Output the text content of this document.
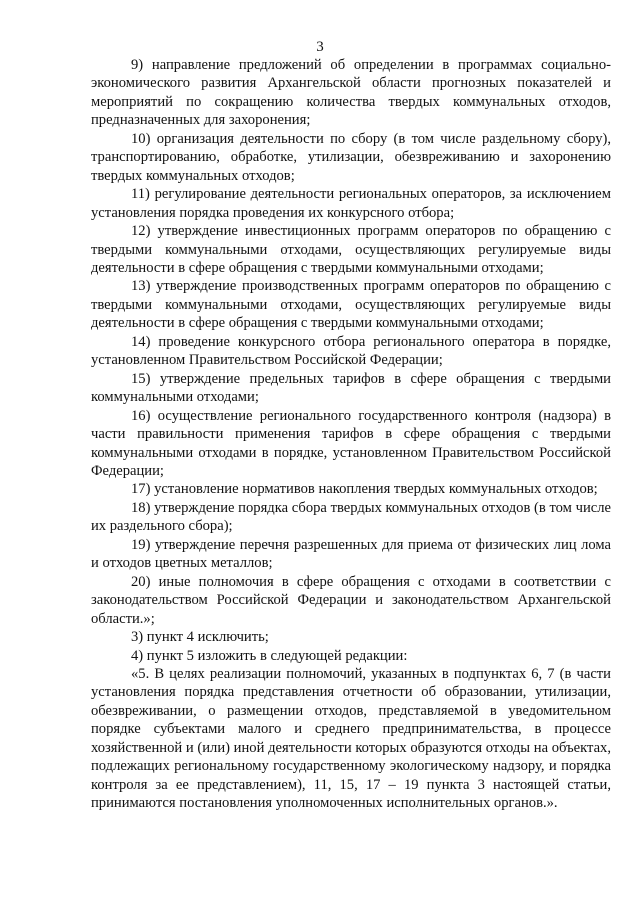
3

9) направление предложений об определении в программах социально-экономического развития Архангельской области прогнозных показателей и мероприятий по сокращению количества твердых коммунальных отходов, предназначенных для захоронения;

10) организация деятельности по сбору (в том числе раздельному сбору), транспортированию, обработке, утилизации, обезвреживанию и захоронению твердых коммунальных отходов;

11) регулирование деятельности региональных операторов, за исключением установления порядка проведения их конкурсного отбора;

12) утверждение инвестиционных программ операторов по обращению с твердыми коммунальными отходами, осуществляющих регулируемые виды деятельности в сфере обращения с твердыми коммунальными отходами;

13) утверждение производственных программ операторов по обращению с твердыми коммунальными отходами, осуществляющих регулируемые виды деятельности в сфере обращения с твердыми коммунальными отходами;

14) проведение конкурсного отбора регионального оператора в порядке, установленном Правительством Российской Федерации;

15) утверждение предельных тарифов в сфере обращения с твердыми коммунальными отходами;

16) осуществление регионального государственного контроля (надзора) в части правильности применения тарифов в сфере обращения с твердыми коммунальными отходами в порядке, установленном Правительством Российской Федерации;

17) установление нормативов накопления твердых коммунальных отходов;

18) утверждение порядка сбора твердых коммунальных отходов (в том числе их раздельного сбора);

19) утверждение перечня разрешенных для приема от физических лиц лома и отходов цветных металлов;

20) иные полномочия в сфере обращения с отходами в соответствии с законодательством Российской Федерации и законодательством Архангельской области.»;

3) пункт 4 исключить;

4) пункт 5 изложить в следующей редакции:

«5. В целях реализации полномочий, указанных в подпунктах 6, 7 (в части установления порядка представления отчетности об образовании, утилизации, обезвреживании, о размещении отходов, представляемой в уведомительном порядке субъектами малого и среднего предпринимательства, в процессе хозяйственной и (или) иной деятельности которых образуются отходы на объектах, подлежащих региональному государственному экологическому надзору, и порядка контроля за ее представлением), 11, 15, 17 – 19 пункта 3 настоящей статьи, принимаются постановления уполномоченных исполнительных органов.».
